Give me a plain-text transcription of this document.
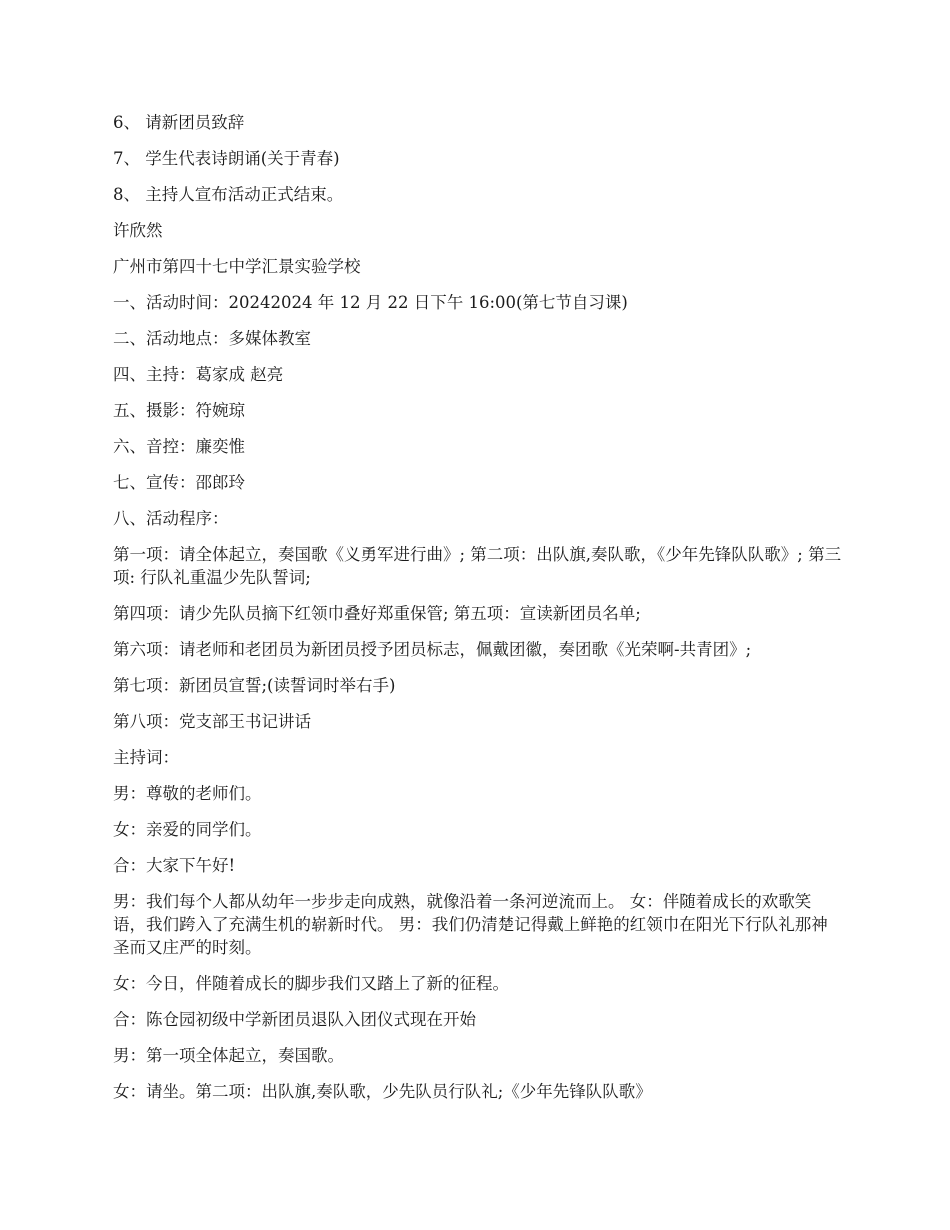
6、 请新团员致辞

7、 学生代表诗朗诵(关于青春)

8、 主持人宣布活动正式结束。

许欣然

广州市第四十七中学汇景实验学校

一、活动时间：20242024 年 12 月 22 日下午 16:00(第七节自习课)

二、活动地点：多媒体教室

四、主持：葛家成 赵亮

五、摄影：符婉琼

六、音控：廉奕惟

七、宣传：邵郎玲

八、活动程序：

第一项：请全体起立，奏国歌《义勇军进行曲》; 第二项：出队旗,奏队歌，《少年先锋队队歌》; 第三项: 行队礼重温少先队誓词;

第四项：请少先队员摘下红领巾叠好郑重保管; 第五项：宣读新团员名单;

第六项：请老师和老团员为新团员授予团员标志，佩戴团徽，奏团歌《光荣啊-共青团》;

第七项：新团员宣誓;(读誓词时举右手)

第八项：党支部王书记讲话

主持词：

男：尊敬的老师们。

女：亲爱的同学们。

合：大家下午好!

男：我们每个人都从幼年一步步走向成熟，就像沿着一条河逆流而上。 女：伴随着成长的欢歌笑语，我们跨入了充满生机的崭新时代。 男：我们仍清楚记得戴上鲜艳的红领巾在阳光下行队礼那神圣而又庄严的时刻。

女：今日，伴随着成长的脚步我们又踏上了新的征程。

合：陈仓园初级中学新团员退队入团仪式现在开始

男：第一项全体起立，奏国歌。

女：请坐。第二项：出队旗,奏队歌，少先队员行队礼;《少年先锋队队歌》
